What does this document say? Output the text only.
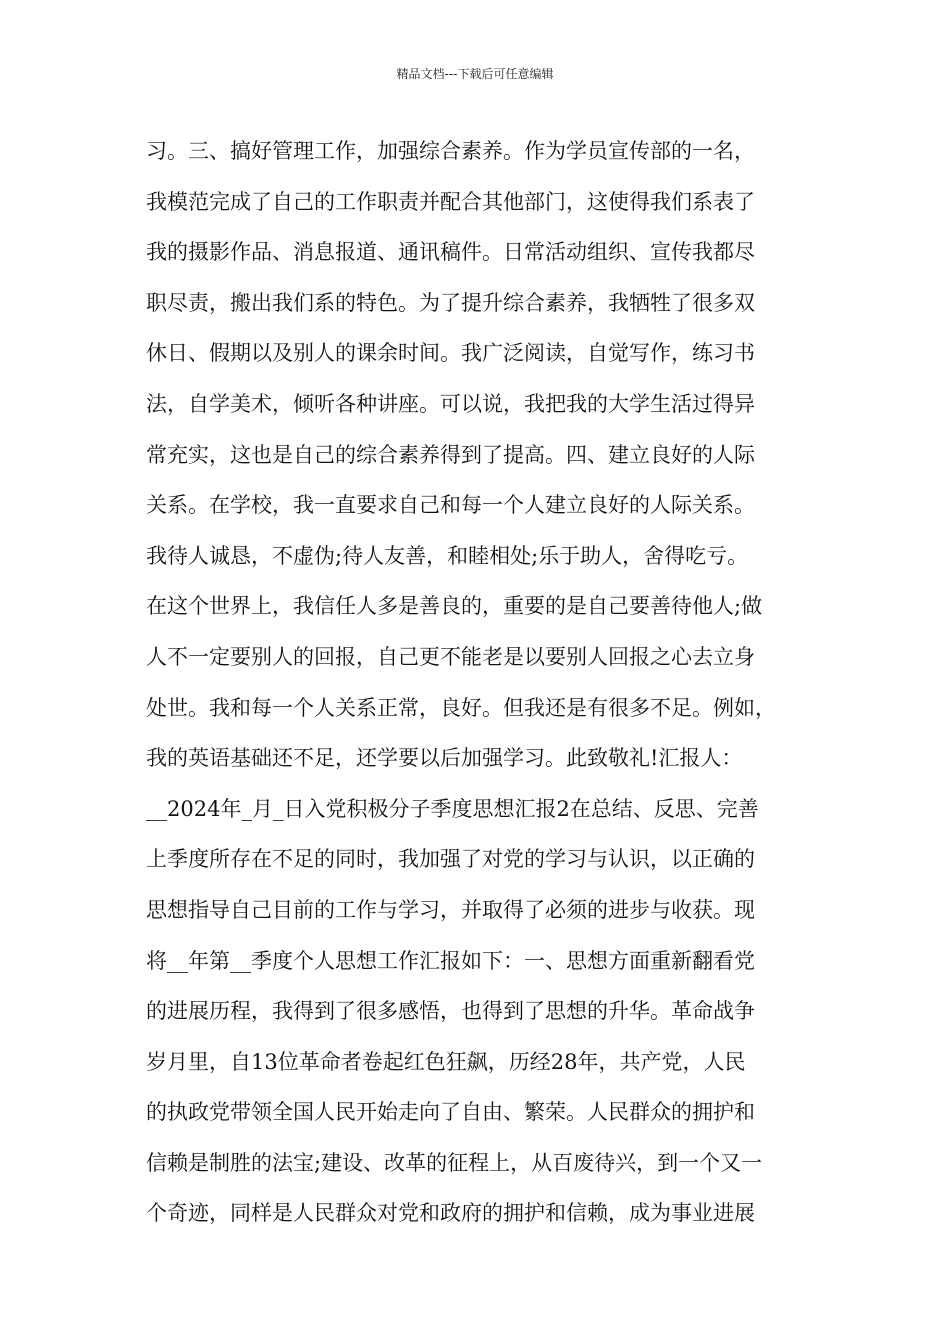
精品文档---下载后可任意编辑
习。三、搞好管理工作，加强综合素养。作为学员宣传部的一名，
我模范完成了自己的工作职责并配合其他部门，这使得我们系表了
我的摄影作品、消息报道、通讯稿件。日常活动组织、宣传我都尽
职尽责，搬出我们系的特色。为了提升综合素养，我牺牲了很多双
休日、假期以及别人的课余时间。我广泛阅读，自觉写作，练习书
法，自学美术，倾听各种讲座。可以说，我把我的大学生活过得异
常充实，这也是自己的综合素养得到了提高。四、建立良好的人际
关系。在学校，我一直要求自己和每一个人建立良好的人际关系。
我待人诚恳，不虚伪;待人友善，和睦相处;乐于助人，舍得吃亏。
在这个世界上，我信任人多是善良的，重要的是自己要善待他人;做
人不一定要别人的回报，自己更不能老是以要别人回报之心去立身
处世。我和每一个人关系正常，良好。但我还是有很多不足。例如，
我的英语基础还不足，还学要以后加强学习。此致敬礼!汇报人：
__2024年_月_日入党积极分子季度思想汇报2在总结、反思、完善
上季度所存在不足的同时，我加强了对党的学习与认识，以正确的
思想指导自己目前的工作与学习，并取得了必须的进步与收获。现
将__年第__季度个人思想工作汇报如下：一、思想方面重新翻看党
的进展历程，我得到了很多感悟，也得到了思想的升华。革命战争
岁月里，自13位革命者卷起红色狂飙，历经28年，共产党，人民
的执政党带领全国人民开始走向了自由、繁荣。人民群众的拥护和
信赖是制胜的法宝;建设、改革的征程上，从百废待兴，到一个又一
个奇迹，同样是人民群众对党和政府的拥护和信赖，成为事业进展
